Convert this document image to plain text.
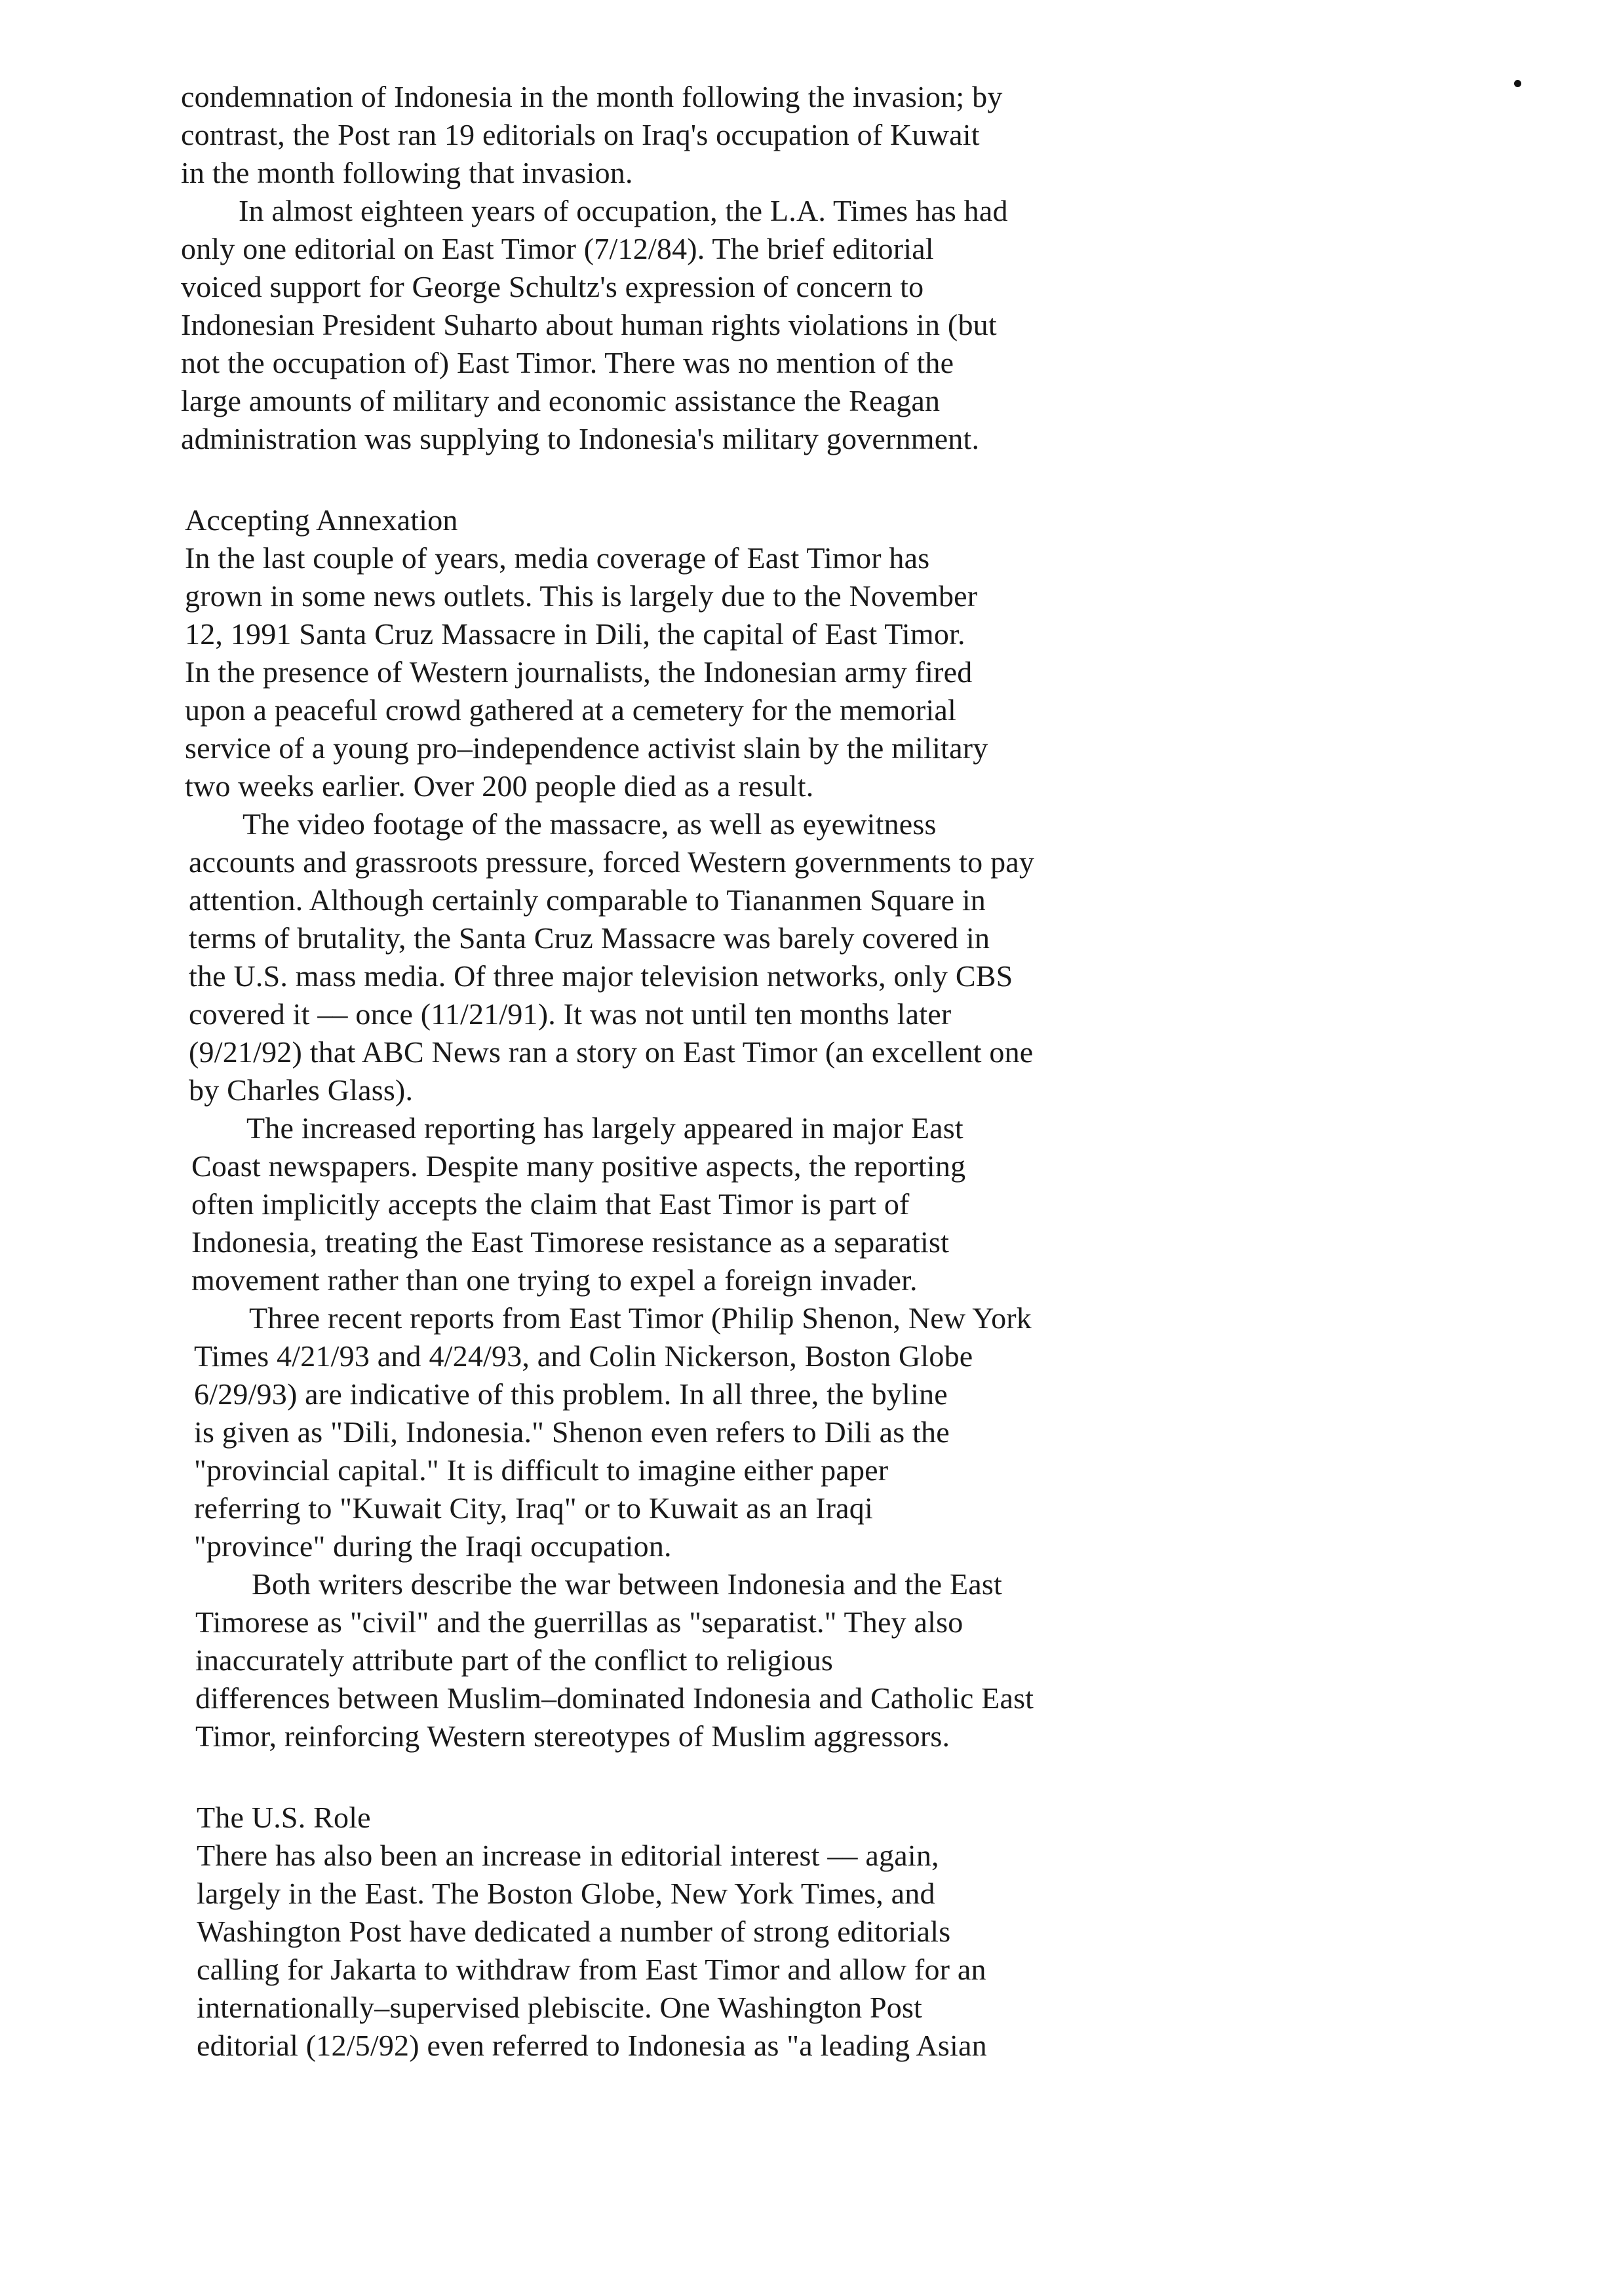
condemnation of Indonesia in the month following the invasion; by
contrast, the Post ran 19 editorials on Iraq's occupation of Kuwait
in the month following that invasion.
In almost eighteen years of occupation, the L.A. Times has had
only one editorial on East Timor (7/12/84). The brief editorial
voiced support for George Schultz's expression of concern to
Indonesian President Suharto about human rights violations in (but
not the occupation of) East Timor. There was no mention of the
large amounts of military and economic assistance the Reagan
administration was supplying to Indonesia's military government.
Accepting Annexation
In the last couple of years, media coverage of East Timor has
grown in some news outlets. This is largely due to the November
12, 1991 Santa Cruz Massacre in Dili, the capital of East Timor.
In the presence of Western journalists, the Indonesian army fired
upon a peaceful crowd gathered at a cemetery for the memorial
service of a young pro–independence activist slain by the military
two weeks earlier. Over 200 people died as a result.
The video footage of the massacre, as well as eyewitness
accounts and grassroots pressure, forced Western governments to pay
attention. Although certainly comparable to Tiananmen Square in
terms of brutality, the Santa Cruz Massacre was barely covered in
the U.S. mass media. Of three major television networks, only CBS
covered it –– once (11/21/91). It was not until ten months later
(9/21/92) that ABC News ran a story on East Timor (an excellent one
by Charles Glass).
The increased reporting has largely appeared in major East
Coast newspapers. Despite many positive aspects, the reporting
often implicitly accepts the claim that East Timor is part of
Indonesia, treating the East Timorese resistance as a separatist
movement rather than one trying to expel a foreign invader.
Three recent reports from East Timor (Philip Shenon, New York
Times 4/21/93 and 4/24/93, and Colin Nickerson, Boston Globe
6/29/93) are indicative of this problem. In all three, the byline
is given as "Dili, Indonesia." Shenon even refers to Dili as the
"provincial capital." It is difficult to imagine either paper
referring to "Kuwait City, Iraq" or to Kuwait as an Iraqi
"province" during the Iraqi occupation.
Both writers describe the war between Indonesia and the East
Timorese as "civil" and the guerrillas as "separatist." They also
inaccurately attribute part of the conflict to religious
differences between Muslim–dominated Indonesia and Catholic East
Timor, reinforcing Western stereotypes of Muslim aggressors.
The U.S. Role
There has also been an increase in editorial interest –– again,
largely in the East. The Boston Globe, New York Times, and
Washington Post have dedicated a number of strong editorials
calling for Jakarta to withdraw from East Timor and allow for an
internationally–supervised plebiscite. One Washington Post
editorial (12/5/92) even referred to Indonesia as "a leading Asian
